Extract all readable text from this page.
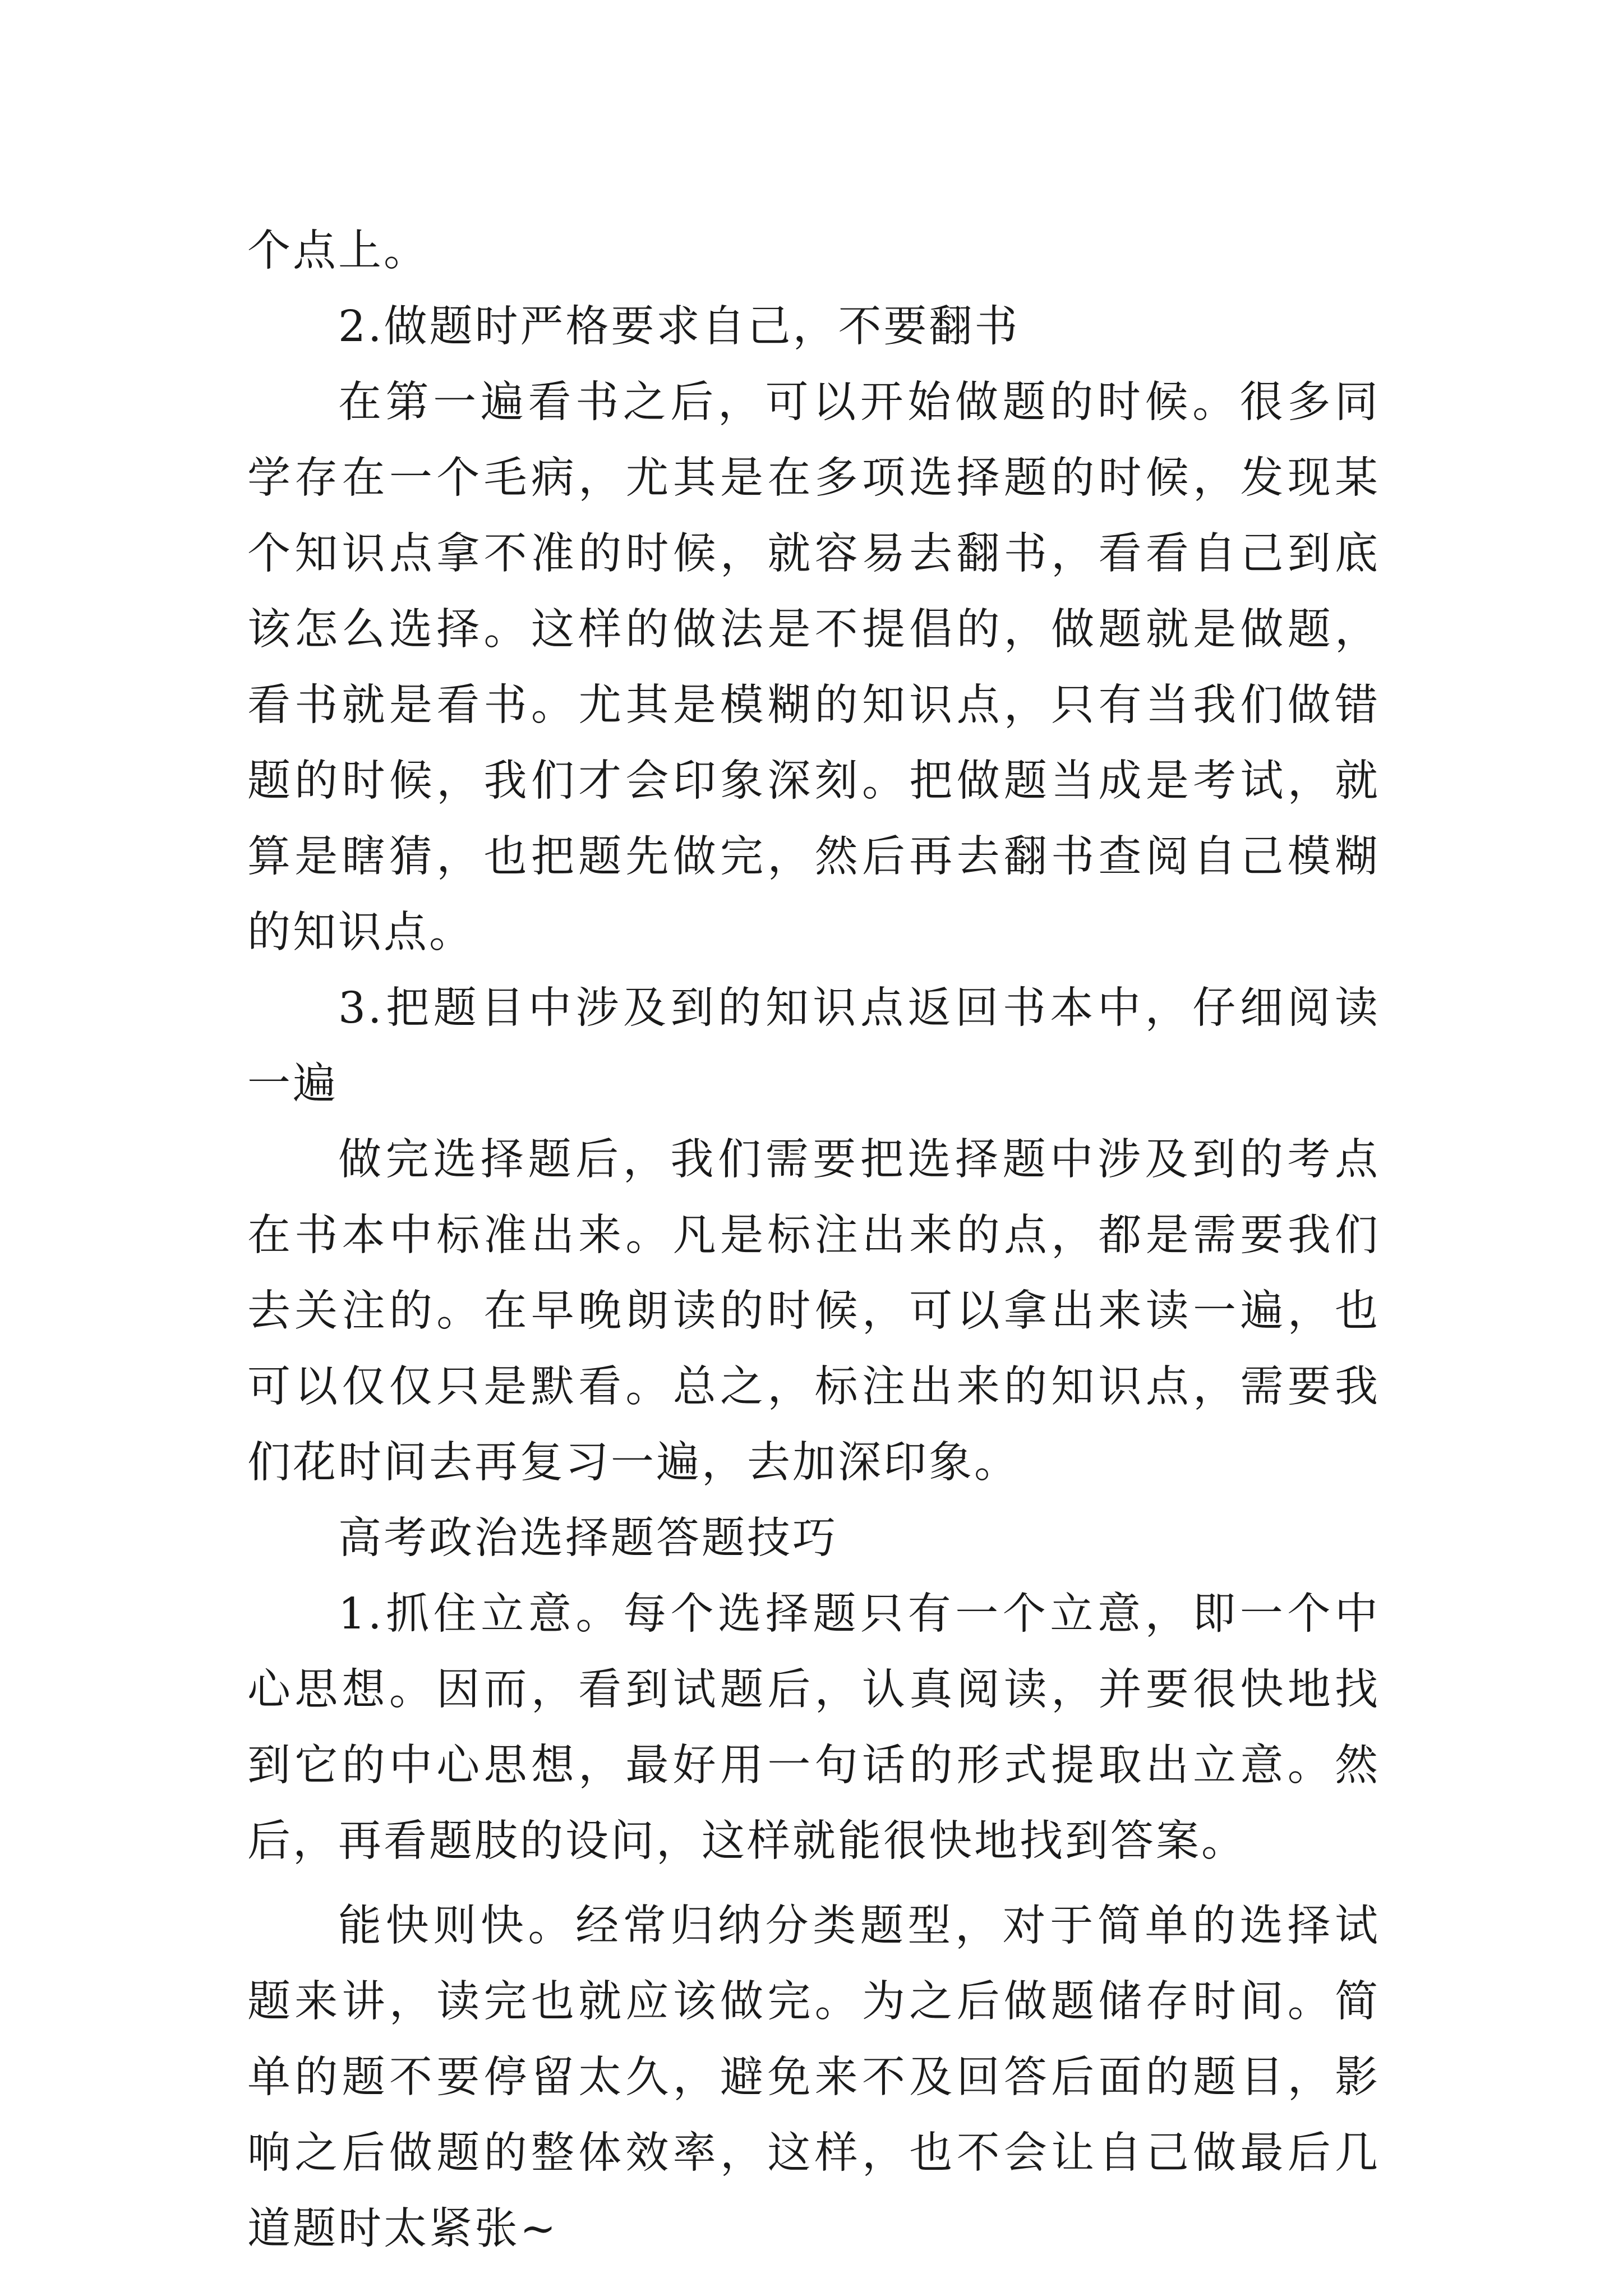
个点上。

2.做题时严格要求自己，不要翻书

在第一遍看书之后，可以开始做题的时候。很多同学存在一个毛病，尤其是在多项选择题的时候，发现某个知识点拿不准的时候，就容易去翻书，看看自己到底该怎么选择。这样的做法是不提倡的，做题就是做题，看书就是看书。尤其是模糊的知识点，只有当我们做错题的时候，我们才会印象深刻。把做题当成是考试，就算是瞎猜，也把题先做完，然后再去翻书查阅自己模糊的知识点。

3.把题目中涉及到的知识点返回书本中，仔细阅读一遍

做完选择题后，我们需要把选择题中涉及到的考点在书本中标准出来。凡是标注出来的点，都是需要我们去关注的。在早晚朗读的时候，可以拿出来读一遍，也可以仅仅只是默看。总之，标注出来的知识点，需要我们花时间去再复习一遍，去加深印象。

高考政治选择题答题技巧

1.抓住立意。每个选择题只有一个立意，即一个中心思想。因而，看到试题后，认真阅读，并要很快地找到它的中心思想，最好用一句话的形式提取出立意。然后，再看题肢的设问，这样就能很快地找到答案。

能快则快。经常归纳分类题型，对于简单的选择试题来讲，读完也就应该做完。为之后做题储存时间。简单的题不要停留太久，避免来不及回答后面的题目，影响之后做题的整体效率，这样，也不会让自己做最后几道题时太紧张~
